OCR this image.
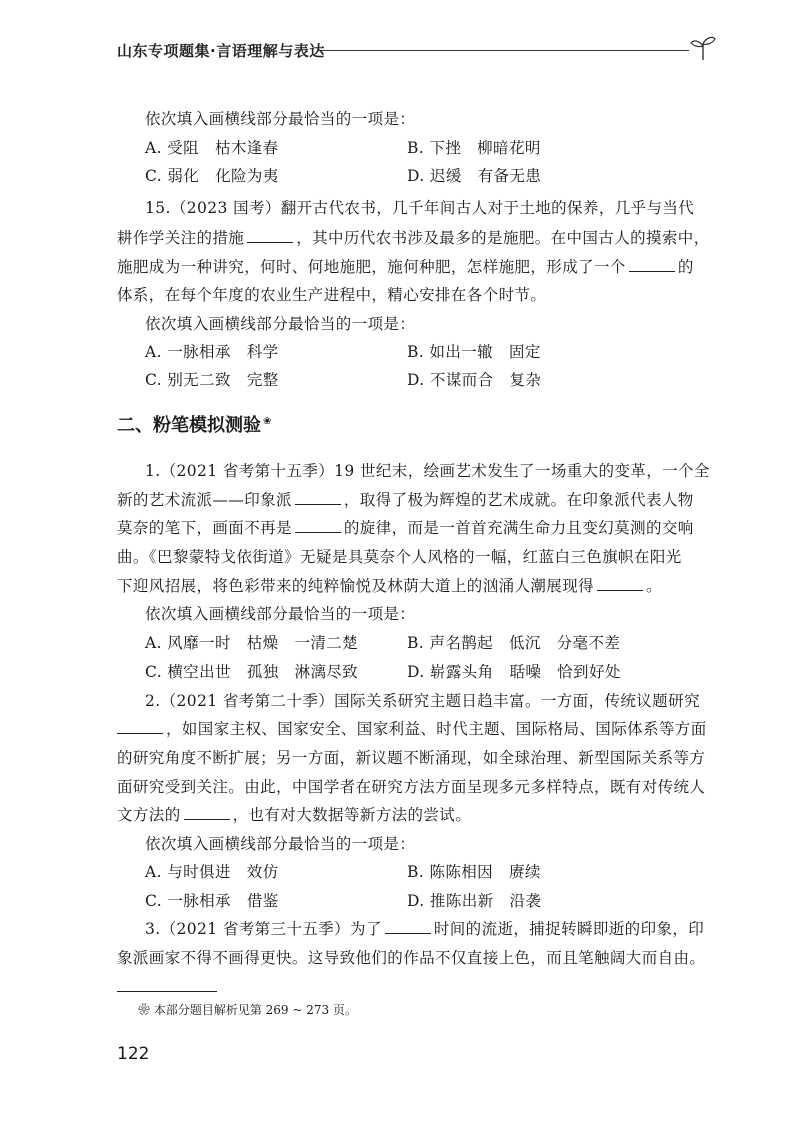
山东专项题集·言语理解与表达
依次填入画横线部分最恰当的一项是：
A. 受阻　 枯木逢春	B. 下挫　 柳暗花明
C. 弱化　 化险为夷	D. 迟缓　 有备无患
15.（2023 国考）翻开古代农书，几千年间古人对于土地的保养，几乎与当代
耕作学关注的措施	，其中历代农书涉及最多的是施肥。在中国古人的摸索中，
施肥成为一种讲究，何时、何地施肥，施何种肥，怎样施肥，形成了一个	的
体系，在每个年度的农业生产进程中，精心安排在各个时节。
依次填入画横线部分最恰当的一项是：
A. 一脉相承　 科学	B. 如出一辙　 固定
C. 别无二致　 完整	D. 不谋而合　 复杂
二、粉笔模拟测验 ❀
1.（2021 省考第十五季）19 世纪末，绘画艺术发生了一场重大的变革，一个全
新的艺术流派——印象派	，取得了极为辉煌的艺术成就。在印象派代表人物
莫奈的笔下，画面不再是	的旋律，而是一首首充满生命力且变幻莫测的交响
曲。《巴黎蒙特戈依街道》无疑是具莫奈个人风格的一幅，红蓝白三色旗帜在阳光
下迎风招展，将色彩带来的纯粹愉悦及林荫大道上的汹涌人潮展现得	。
依次填入画横线部分最恰当的一项是：
A. 风靡一时　 枯燥　一清二楚	B. 声名鹊起　 低沉　分毫不差
C. 横空出世　 孤独　淋漓尽致	D. 崭露头角　 聒噪　恰到好处
2.（2021 省考第二十季）国际关系研究主题日趋丰富。一方面，传统议题研究
，如国家主权、国家安全、国家利益、时代主题、国际格局、国际体系等方面
的研究角度不断扩展；另一方面，新议题不断涌现，如全球治理、新型国际关系等方
面研究受到关注。由此，中国学者在研究方法方面呈现多元多样特点，既有对传统人
文方法的	，也有对大数据等新方法的尝试。
依次填入画横线部分最恰当的一项是：
A. 与时俱进　 效仿	B. 陈陈相因　 赓续
C. 一脉相承　 借鉴	D. 推陈出新　 沿袭
3.（2021 省考第三十五季）为了	时间的流逝，捕捉转瞬即逝的印象，印
象派画家不得不画得更快。这导致他们的作品不仅直接上色，而且笔触阔大而自由。
❀ 本部分题目解析见第 269 ~ 273 页。
122
